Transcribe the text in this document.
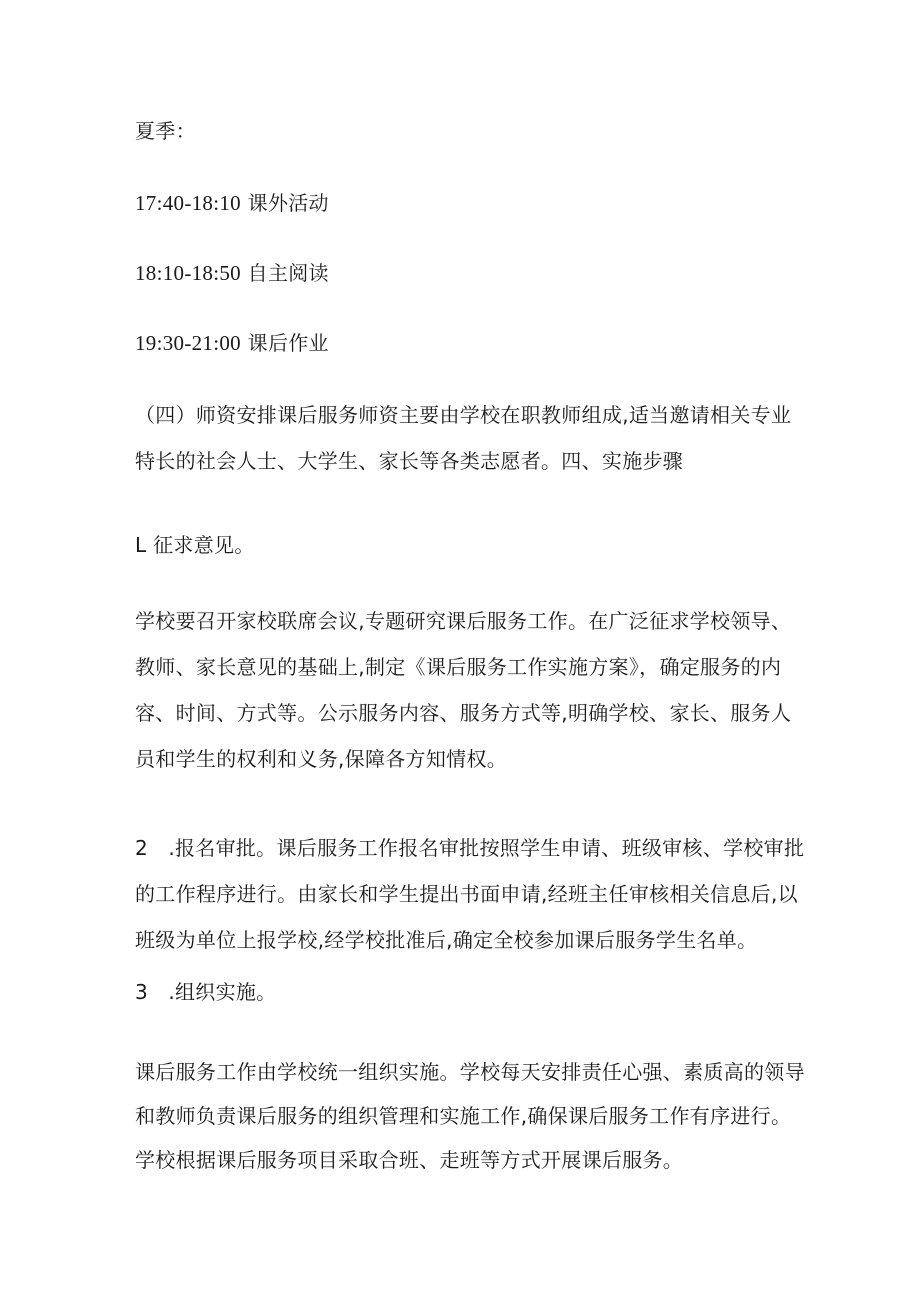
夏季：

17:40-18:10 课外活动

18:10-18:50 自主阅读

19:30-21:00 课后作业

（四）师资安排课后服务师资主要由学校在职教师组成,适当邀请相关专业
特长的社会人士、大学生、家长等各类志愿者。四、实施步骤

L 征求意见。

学校要召开家校联席会议,专题研究课后服务工作。在广泛征求学校领导、
教师、家长意见的基础上,制定《课后服务工作实施方案》，确定服务的内
容、时间、方式等。公示服务内容、服务方式等,明确学校、家长、服务人
员和学生的权利和义务,保障各方知情权。

2　.报名审批。课后服务工作报名审批按照学生申请、班级审核、学校审批
的工作程序进行。由家长和学生提出书面申请,经班主任审核相关信息后,以
班级为单位上报学校,经学校批准后,确定全校参加课后服务学生名单。

3　.组织实施。

课后服务工作由学校统一组织实施。学校每天安排责任心强、素质高的领导
和教师负责课后服务的组织管理和实施工作,确保课后服务工作有序进行。
学校根据课后服务项目采取合班、走班等方式开展课后服务。
